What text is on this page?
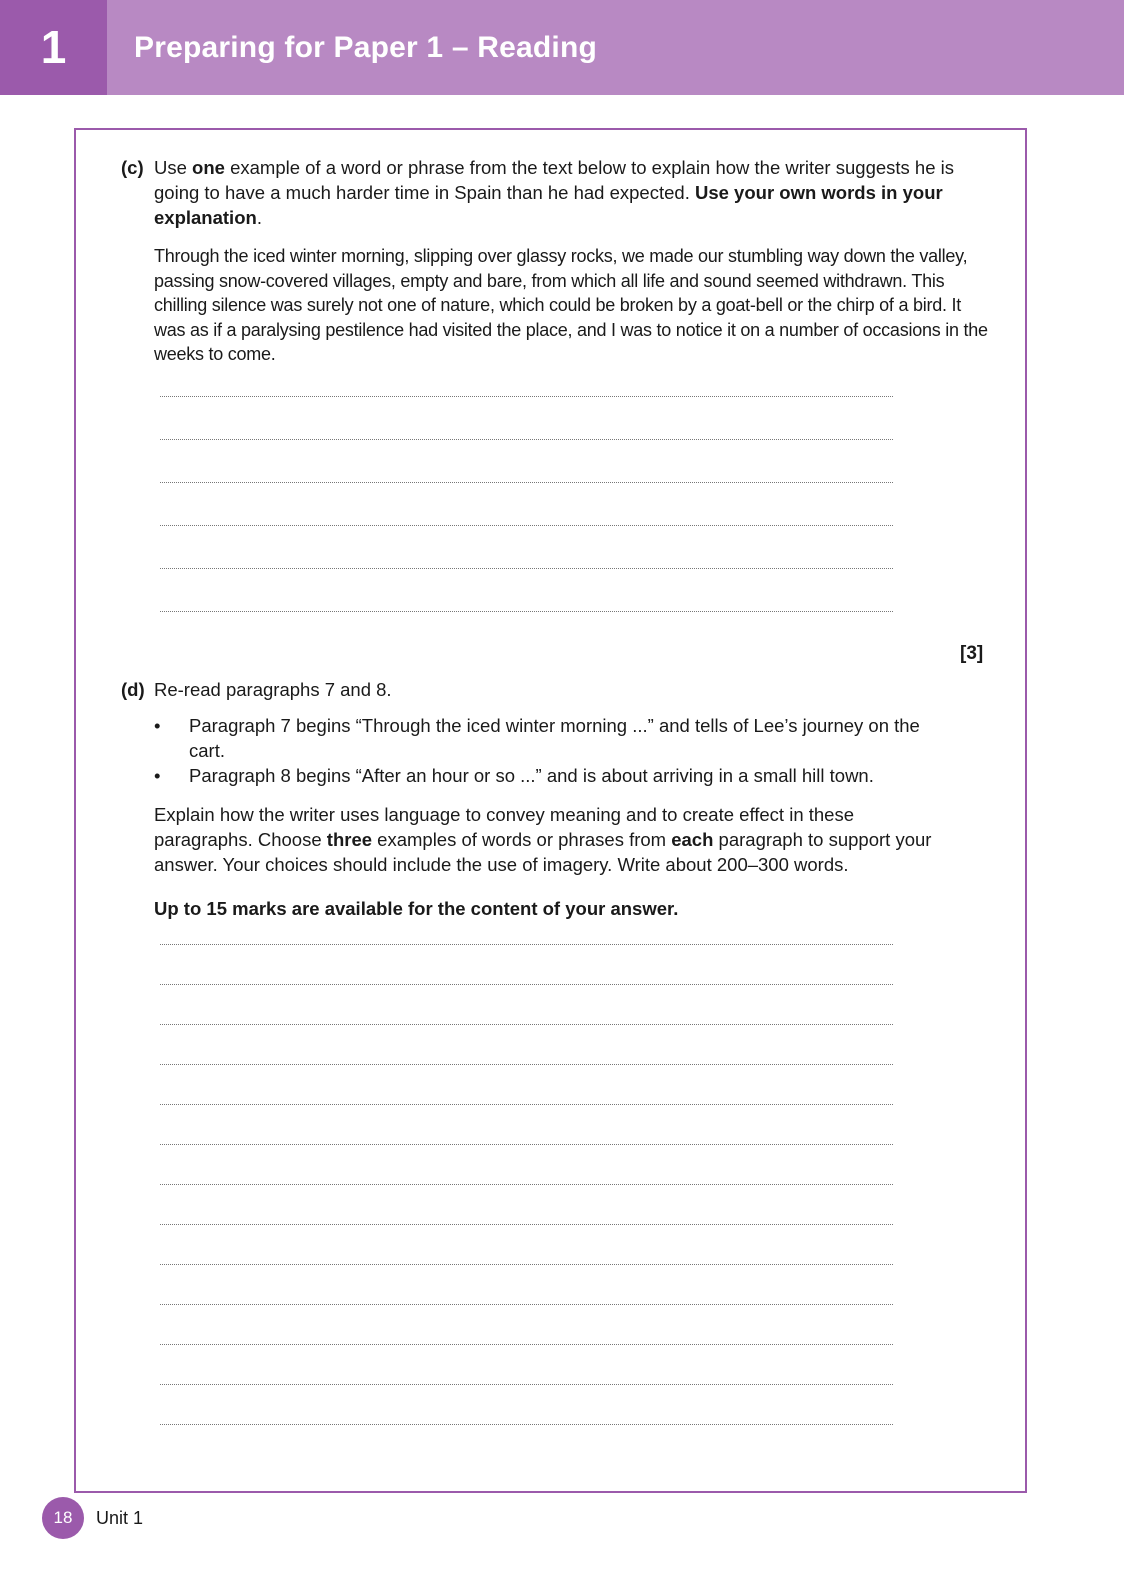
1	Preparing for Paper 1 – Reading
(c) Use one example of a word or phrase from the text below to explain how the writer suggests he is going to have a much harder time in Spain than he had expected. Use your own words in your explanation.
Through the iced winter morning, slipping over glassy rocks, we made our stumbling way down the valley, passing snow-covered villages, empty and bare, from which all life and sound seemed withdrawn. This chilling silence was surely not one of nature, which could be broken by a goat-bell or the chirp of a bird. It was as if a paralysing pestilence had visited the place, and I was to notice it on a number of occasions in the weeks to come.
[3]
(d) Re-read paragraphs 7 and 8.
• Paragraph 7 begins “Through the iced winter morning ...” and tells of Lee’s journey on the cart.
• Paragraph 8 begins “After an hour or so ...” and is about arriving in a small hill town.
Explain how the writer uses language to convey meaning and to create effect in these paragraphs. Choose three examples of words or phrases from each paragraph to support your answer. Your choices should include the use of imagery. Write about 200–300 words.
Up to 15 marks are available for the content of your answer.
18	Unit 1
